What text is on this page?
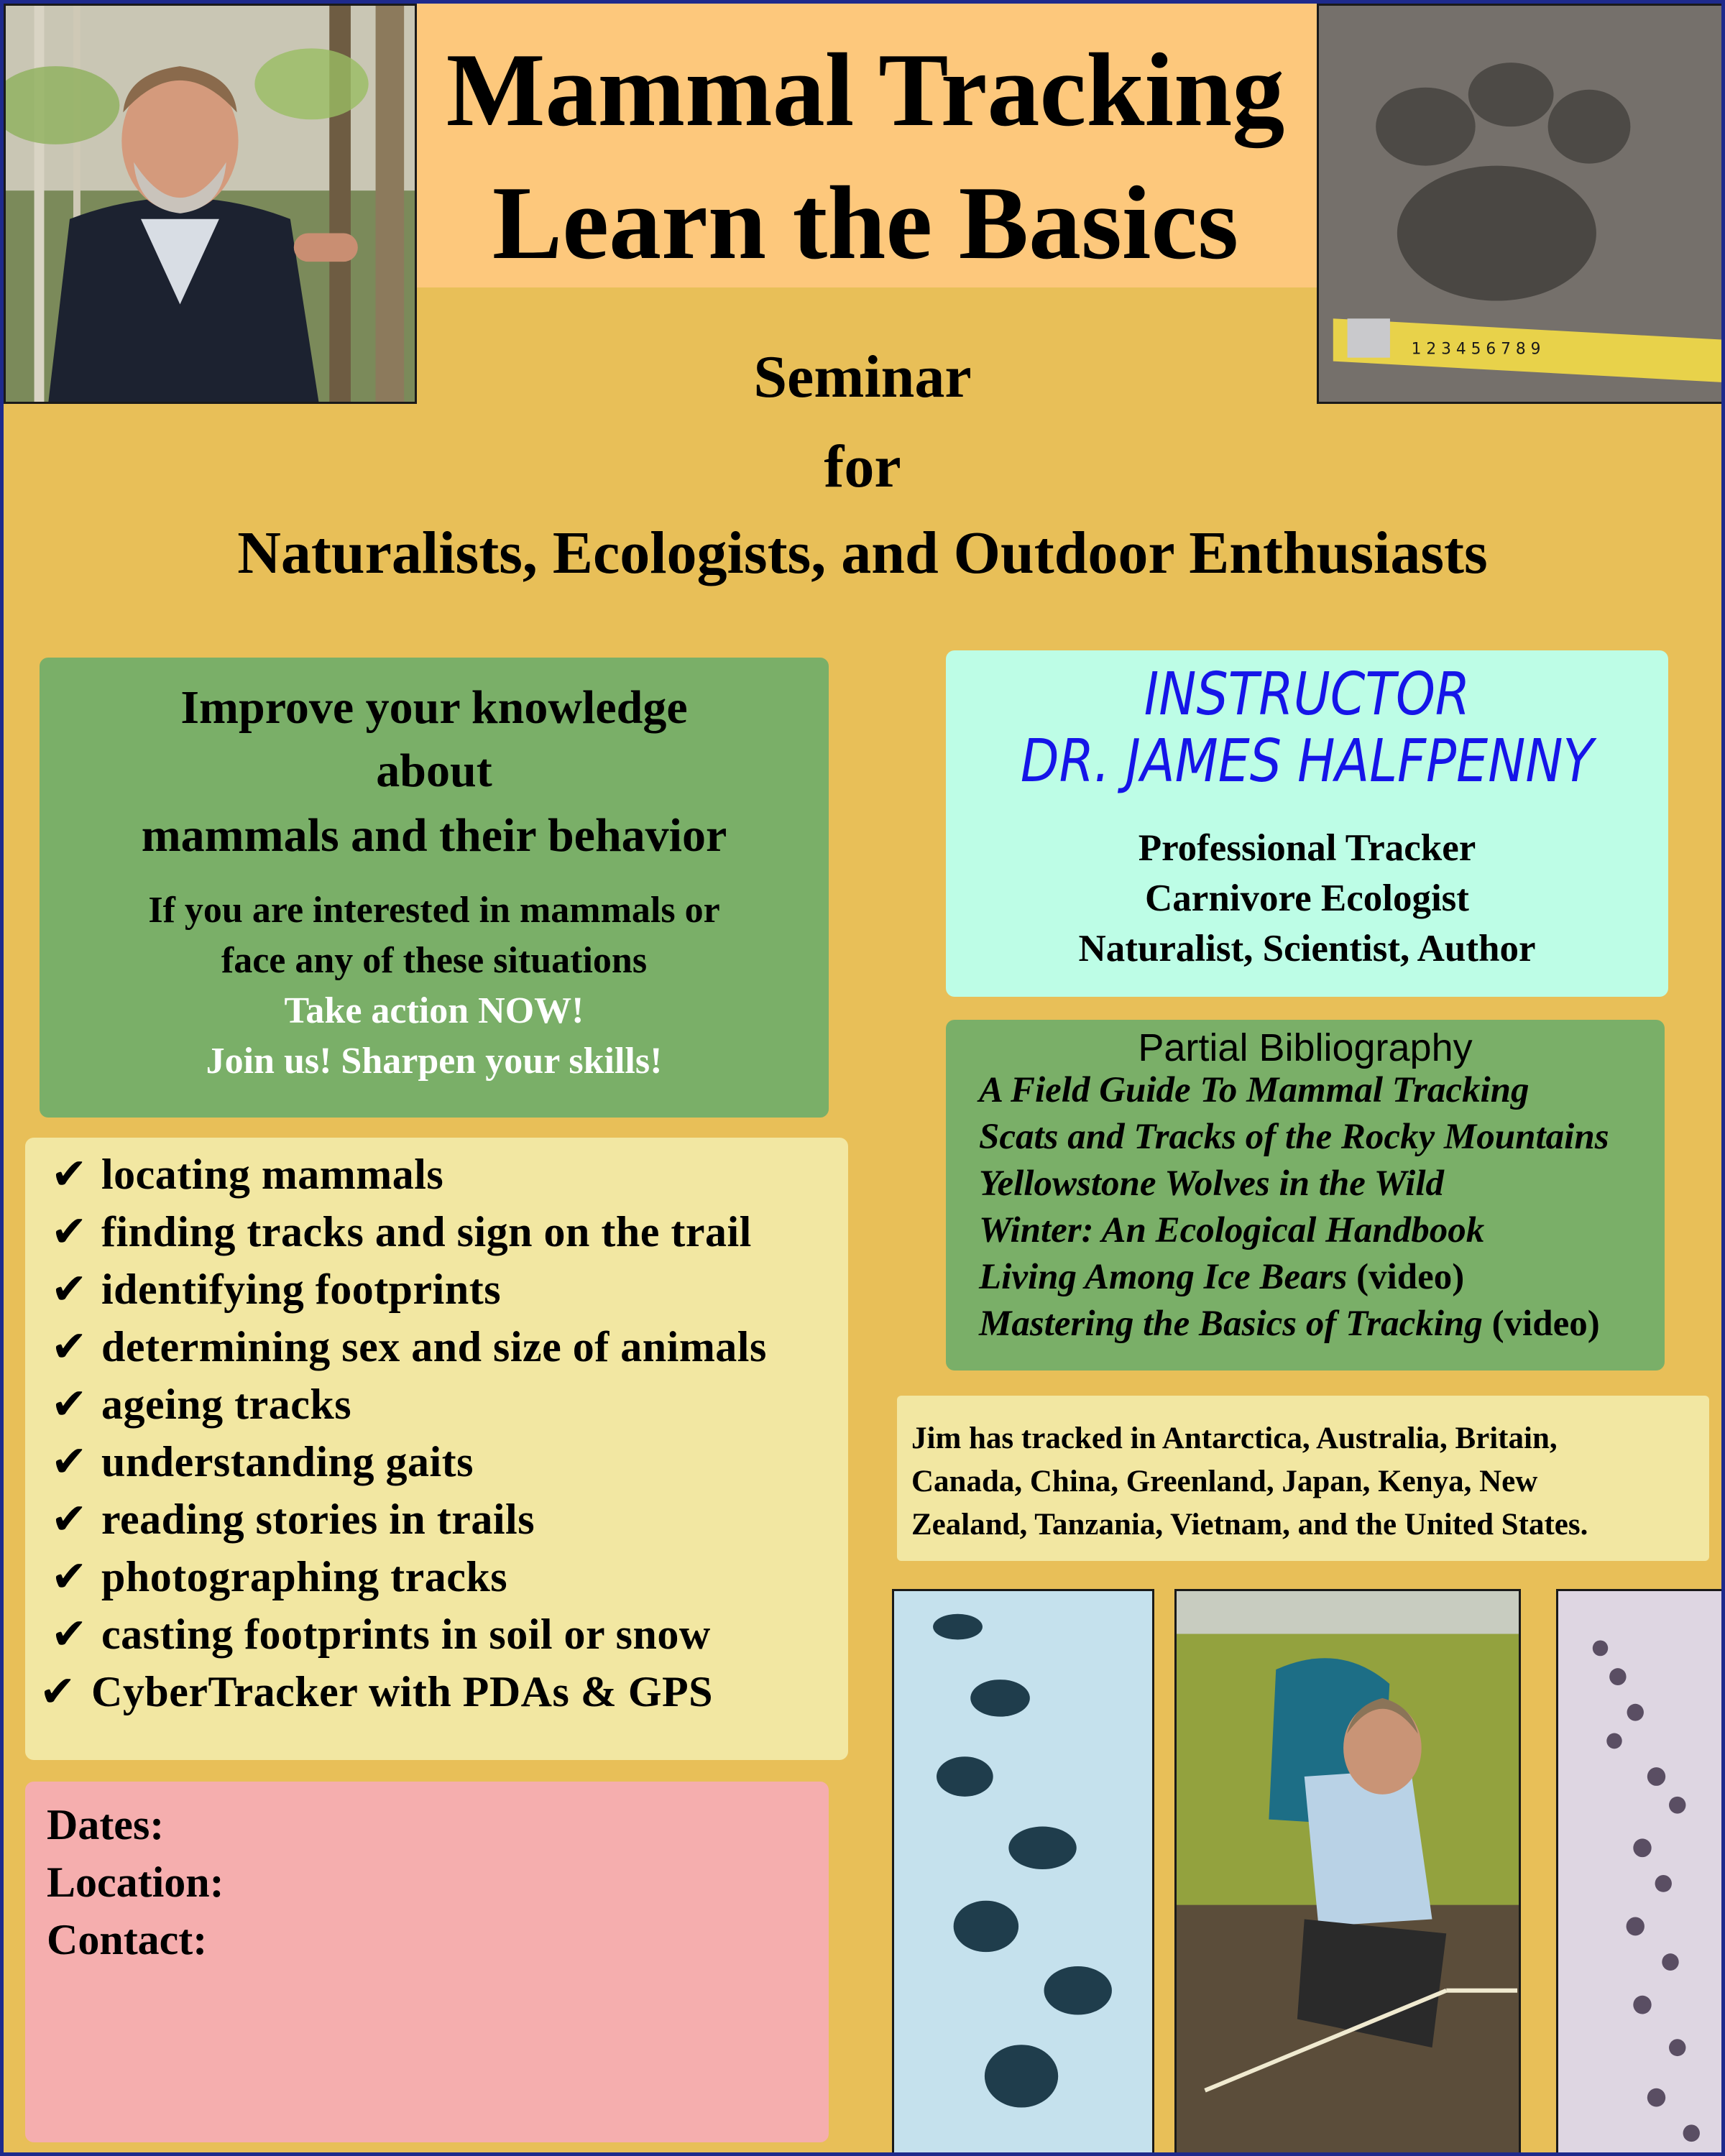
Mammal Tracking
Learn the Basics
1 2 3 4 5 6 7 8 9
Seminar
for
Naturalists, Ecologists, and Outdoor Enthusiasts
Improve your knowledge
about
mammals and their behavior
If you are interested in mammals or
face any of these situations
Take action NOW!
Join us! Sharpen your skills!
✔ locating mammals
✔ finding tracks and sign on the trail
✔ identifying footprints
✔ determining sex and size of animals
✔ ageing tracks
✔ understanding gaits
✔ reading stories in trails
✔ photographing tracks
✔ casting footprints in soil or snow
✔ CyberTracker with PDAs & GPS
Dates:
Location:
Contact:
INSTRUCTOR
DR. JAMES HALFPENNY
Professional Tracker
Carnivore Ecologist
Naturalist, Scientist, Author
Partial Bibliography
A Field Guide To Mammal Tracking
Scats and Tracks of the Rocky Mountains
Yellowstone Wolves in the Wild
Winter: An Ecological Handbook
Living Among Ice Bears (video)
Mastering the Basics of Tracking (video)
Jim has tracked in Antarctica, Australia, Britain,
Canada, China, Greenland, Japan, Kenya, New
Zealand, Tanzania, Vietnam, and the United States.
